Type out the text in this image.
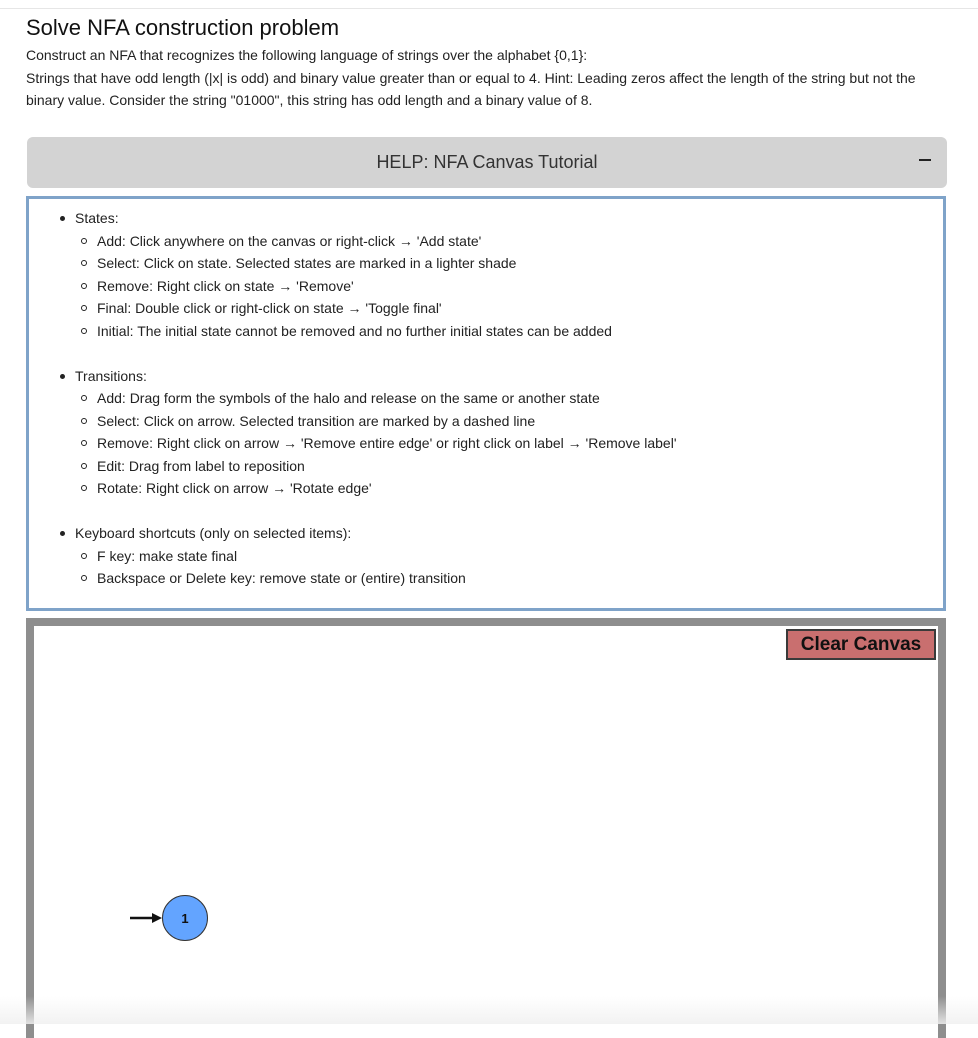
Solve NFA construction problem

Construct an NFA that recognizes the following language of strings over the alphabet {0,1}:

Strings that have odd length (|x| is odd) and binary value greater than or equal to 4. Hint: Leading zeros affect the length of the string but not the binary value. Consider the string "01000", this string has odd length and a binary value of 8.

HELP: NFA Canvas Tutorial
States:
Add: Click anywhere on the canvas or right-click → 'Add state'
Select: Click on state. Selected states are marked in a lighter shade
Remove: Right click on state → 'Remove'
Final: Double click or right-click on state → 'Toggle final'
Initial: The initial state cannot be removed and no further initial states can be added
Transitions:
Add: Drag form the symbols of the halo and release on the same or another state
Select: Click on arrow. Selected transition are marked by a dashed line
Remove: Right click on arrow → 'Remove entire edge' or right click on label → 'Remove label'
Edit: Drag from label to reposition
Rotate: Right click on arrow → 'Rotate edge'
Keyboard shortcuts (only on selected items):
F key: make state final
Backspace or Delete key: remove state or (entire) transition
Clear Canvas
1
